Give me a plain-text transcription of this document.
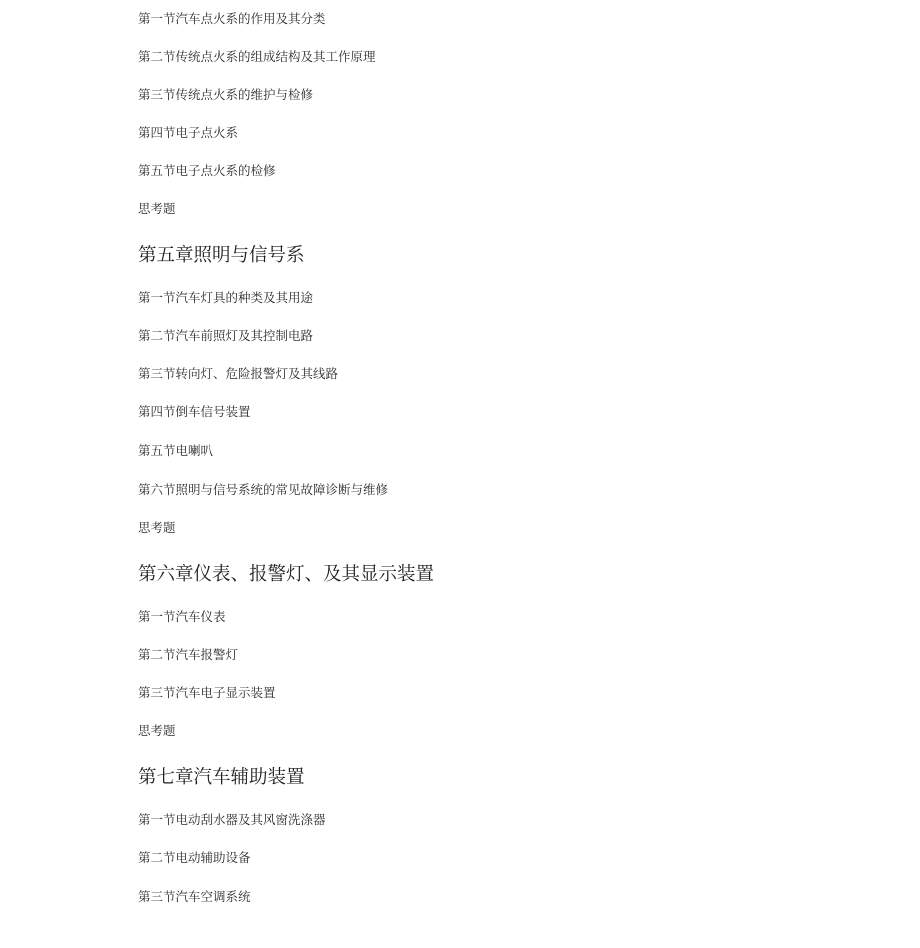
第一节汽车点火系的作用及其分类
第二节传统点火系的组成结构及其工作原理
第三节传统点火系的维护与检修
第四节电子点火系
第五节电子点火系的检修
思考题
第五章照明与信号系
第一节汽车灯具的种类及其用途
第二节汽车前照灯及其控制电路
第三节转向灯、危险报警灯及其线路
第四节倒车信号装置
第五节电喇叭
第六节照明与信号系统的常见故障诊断与维修
思考题
第六章仪表、报警灯、及其显示装置
第一节汽车仪表
第二节汽车报警灯
第三节汽车电子显示装置
思考题
第七章汽车辅助装置
第一节电动刮水器及其风窗洗涤器
第二节电动辅助设备
第三节汽车空调系统
